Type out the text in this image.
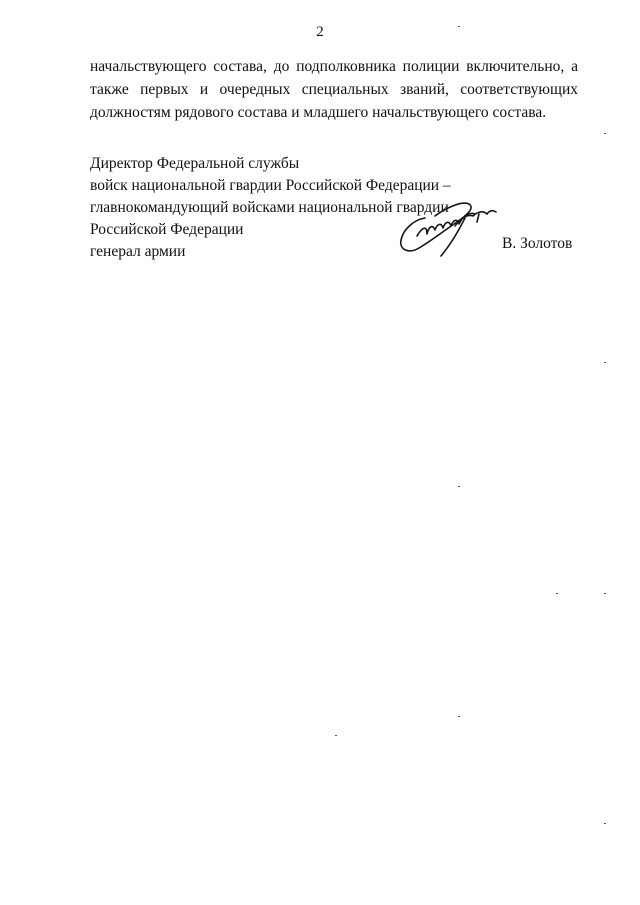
2
начальствующего состава, до подполковника полиции включительно, а
также первых и очередных специальных званий, соответствующих
должностям рядового состава и младшего начальствующего состава.
Директор Федеральной службы
войск национальной гвардии Российской Федерации –
главнокомандующий войсками национальной гвардии
Российской Федерации
генерал армии	В. Золотов
